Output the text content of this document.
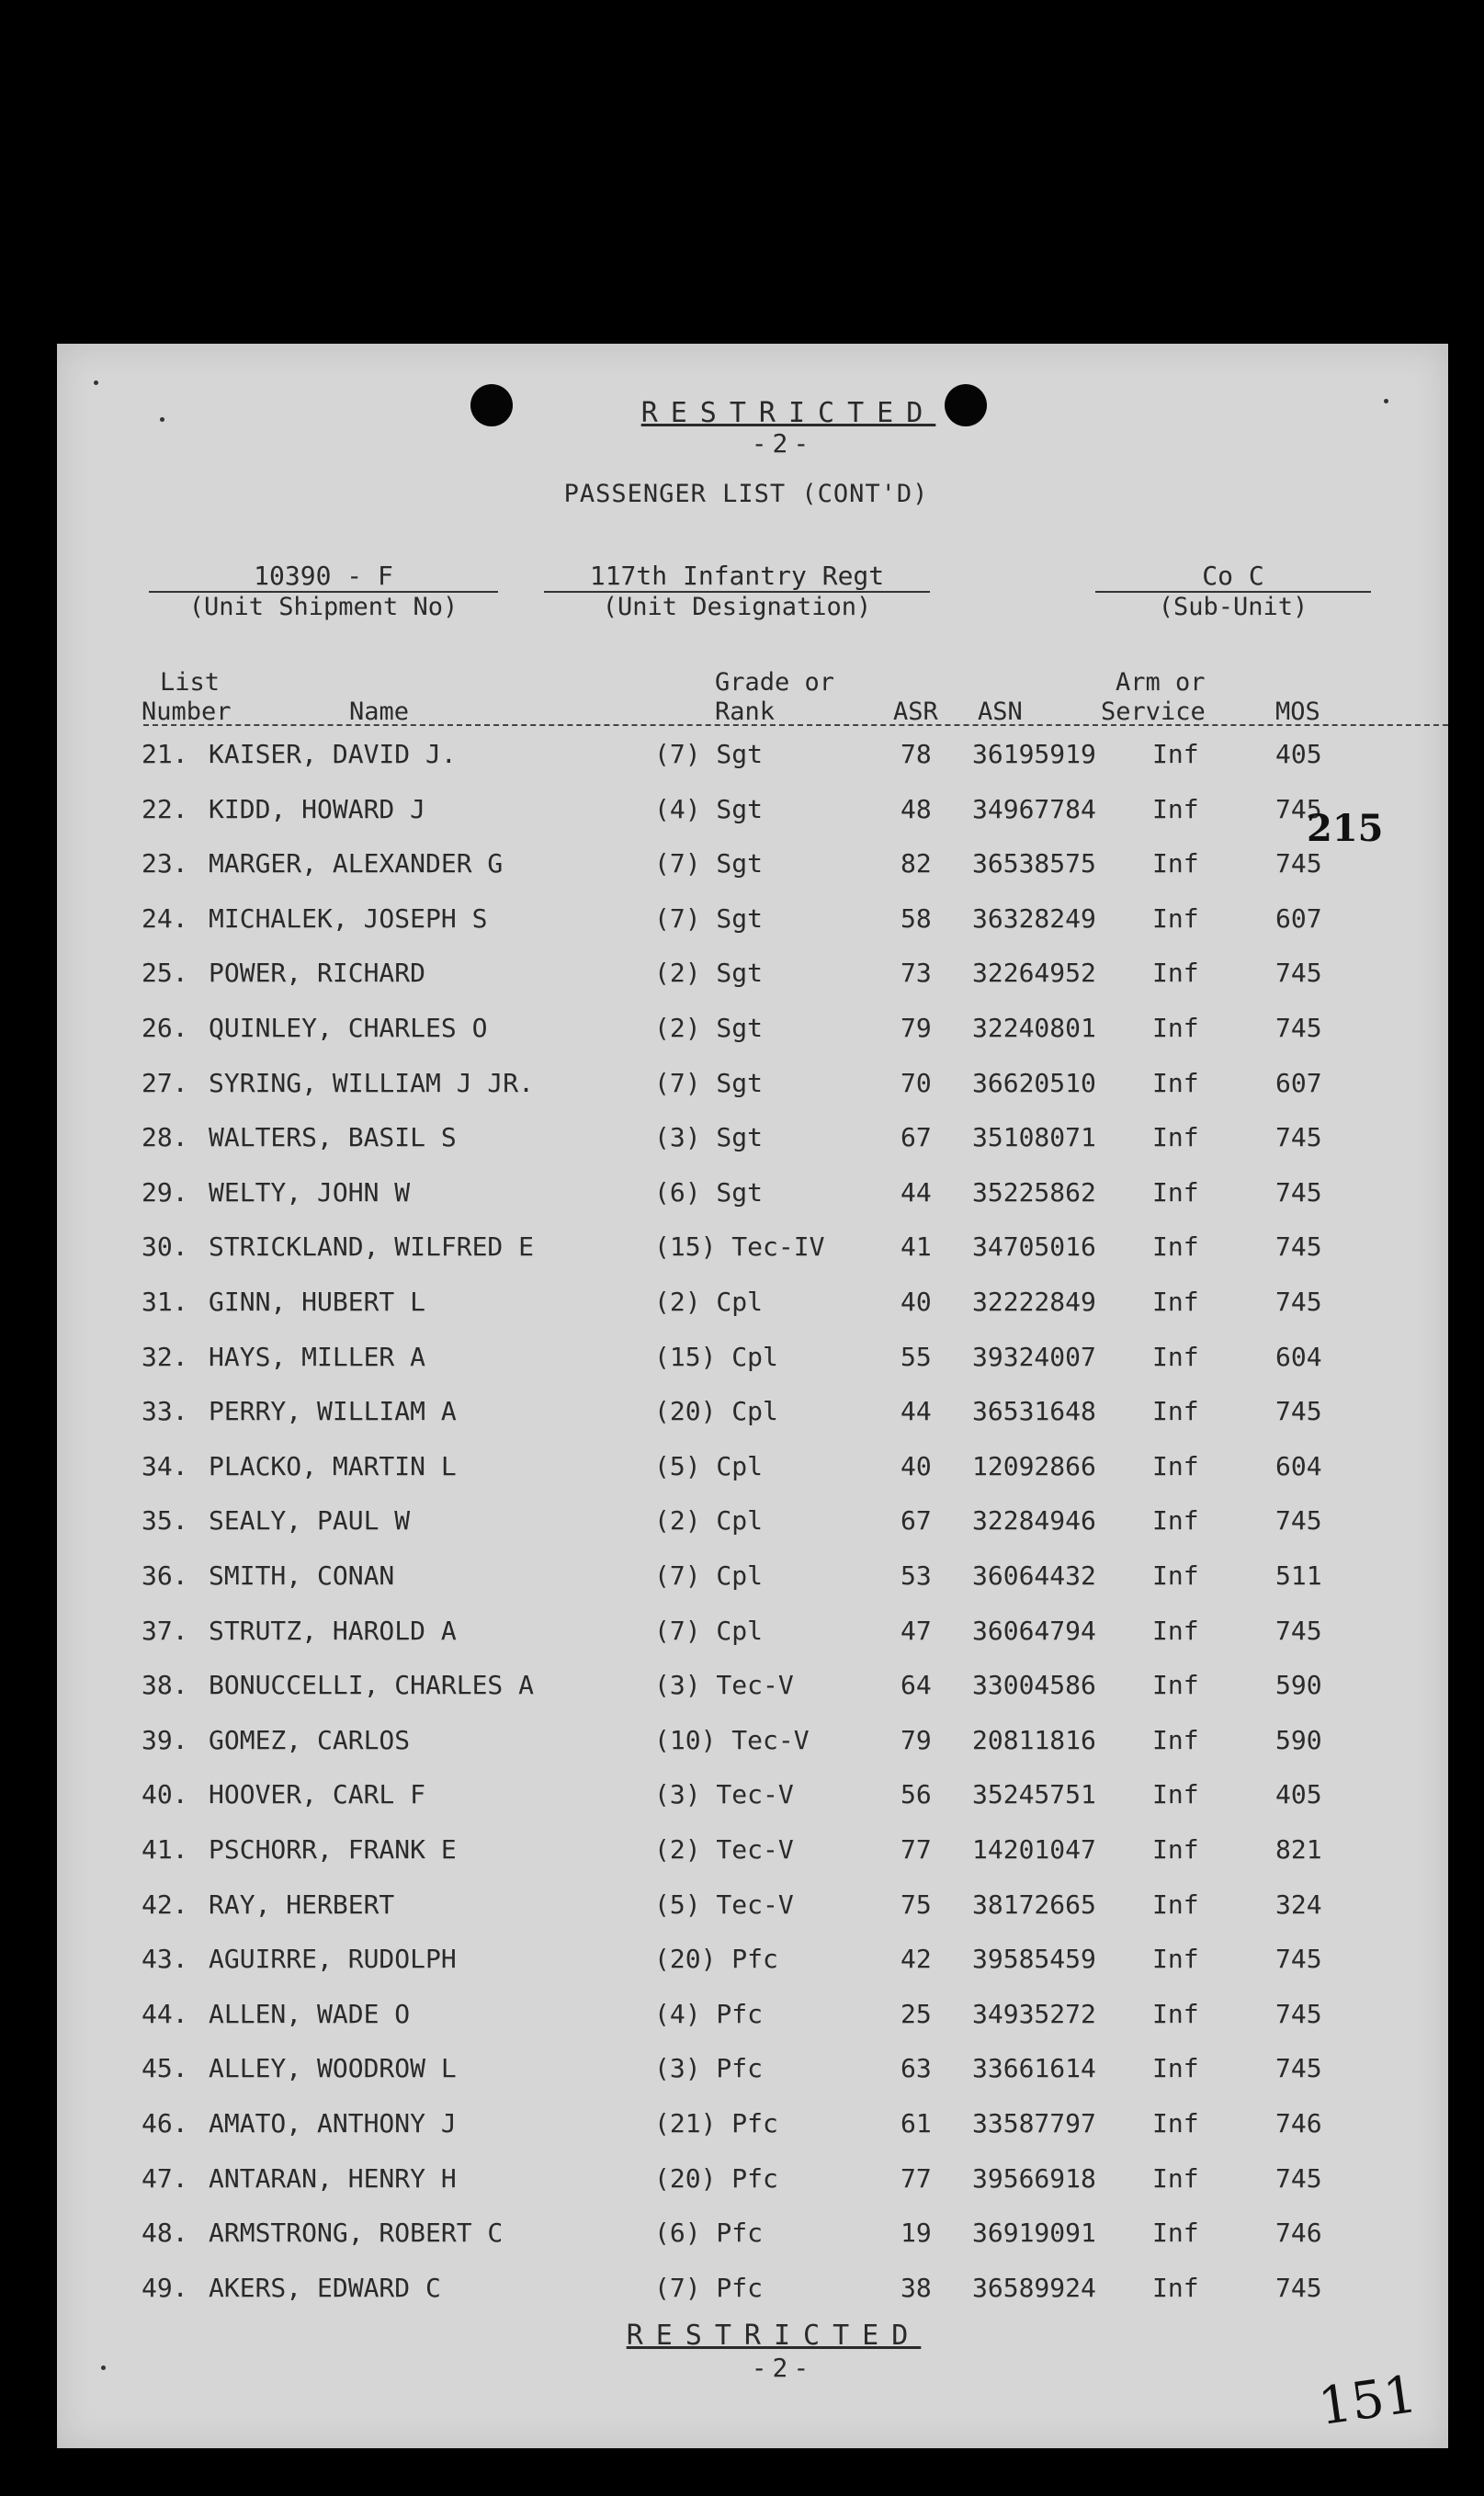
RESTRICTED
-2-
PASSENGER LIST (CONT'D)
10390 - F
(Unit Shipment No)
117th Infantry Regt
(Unit Designation)
Co C
(Sub-Unit)
List
Number	Name
Grade or
Rank	ASR ASN
Arm or
Service	MOS
21. KAISER, DAVID J.	(7) Sgt	78 36195919 Inf	405
22. KIDD, HOWARD J	(4) Sgt	48 34967784 Inf	745
23. MARGER, ALEXANDER G	(7) Sgt	82 36538575 Inf	745
24. MICHALEK, JOSEPH S	(7) Sgt	58 36328249 Inf	607
25. POWER, RICHARD	(2) Sgt	73 32264952 Inf	745
26. QUINLEY, CHARLES O	(2) Sgt	79 32240801 Inf	745
27. SYRING, WILLIAM J JR.	(7) Sgt	70 36620510 Inf	607
28. WALTERS, BASIL S	(3) Sgt	67 35108071 Inf	745
29. WELTY, JOHN W	(6) Sgt	44 35225862 Inf	745
30. STRICKLAND, WILFRED E	(15) Tec-IV	41 34705016 Inf	745
31. GINN, HUBERT L	(2) Cpl	40 32222849 Inf	745
32. HAYS, MILLER A	(15) Cpl	55 39324007 Inf	604
33. PERRY, WILLIAM A	(20) Cpl	44 36531648 Inf	745
34. PLACKO, MARTIN L	(5) Cpl	40 12092866 Inf	604
35. SEALY, PAUL W	(2) Cpl	67 32284946 Inf	745
36. SMITH, CONAN	(7) Cpl	53 36064432 Inf	511
37. STRUTZ, HAROLD A	(7) Cpl	47 36064794 Inf	745
38. BONUCCELLI, CHARLES A	(3) Tec-V	64 33004586 Inf	590
39. GOMEZ, CARLOS	(10) Tec-V	79 20811816 Inf	590
40. HOOVER, CARL F	(3) Tec-V	56 35245751 Inf	405
41. PSCHORR, FRANK E	(2) Tec-V	77 14201047 Inf	821
42. RAY, HERBERT	(5) Tec-V	75 38172665 Inf	324
43. AGUIRRE, RUDOLPH	(20) Pfc	42 39585459 Inf	745
44. ALLEN, WADE O	(4) Pfc	25 34935272 Inf	745
45. ALLEY, WOODROW L	(3) Pfc	63 33661614 Inf	745
46. AMATO, ANTHONY J	(21) Pfc	61 33587797 Inf	746
47. ANTARAN, HENRY H	(20) Pfc	77 39566918 Inf	745
48. ARMSTRONG, ROBERT C	(6) Pfc	19 36919091 Inf	746
49. AKERS, EDWARD C	(7) Pfc	38 36589924 Inf	745
215
RESTRICTED
-2-	151
